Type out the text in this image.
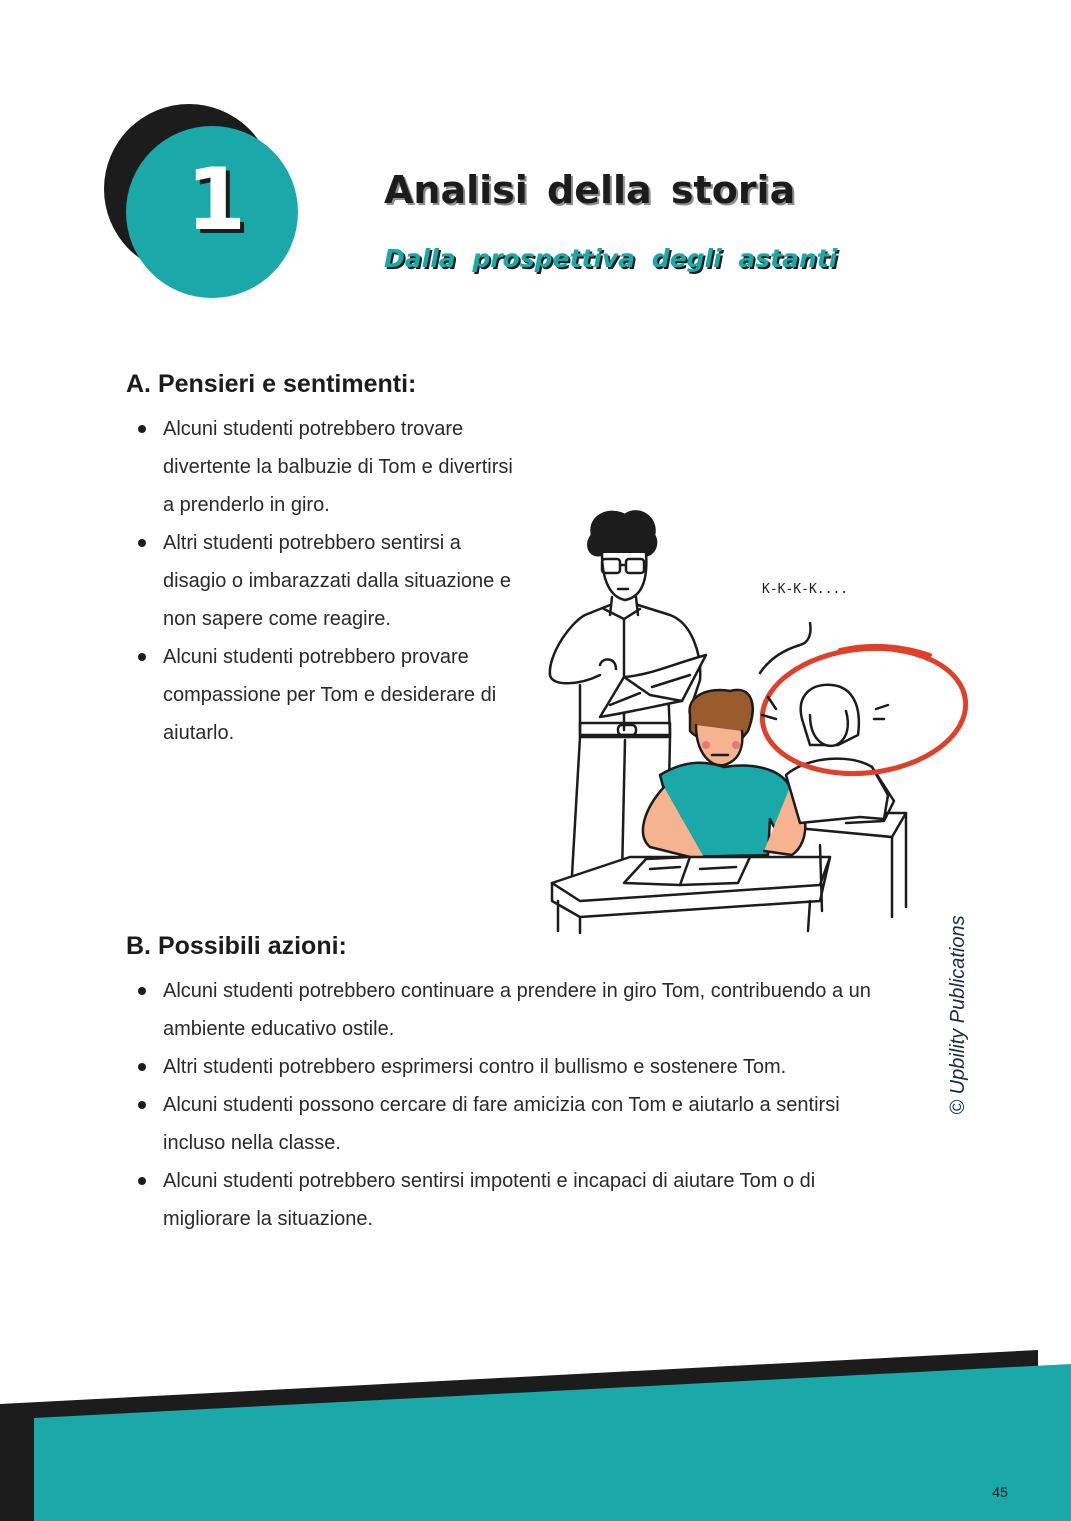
1	Analisi della storia
Dalla prospettiva degli astanti
A. Pensieri e sentimenti:
Alcuni studenti potrebbero trovare
divertente la balbuzie di Tom e divertirsi
a prenderlo in giro.
Altri studenti potrebbero sentirsi a
disagio o imbarazzati dalla situazione e
non sapere come reagire.
Alcuni studenti potrebbero provare
compassione per Tom e desiderare di
aiutarlo.
K-K-K-K....
B. Possibili azioni:
Alcuni studenti potrebbero continuare a prendere in giro Tom, contribuendo a un
ambiente educativo ostile.
Altri studenti potrebbero esprimersi contro il bullismo e sostenere Tom.
Alcuni studenti possono cercare di fare amicizia con Tom e aiutarlo a sentirsi
incluso nella classe.
Alcuni studenti potrebbero sentirsi impotenti e incapaci di aiutare Tom o di
migliorare la situazione.
© Upbility Publications
45
